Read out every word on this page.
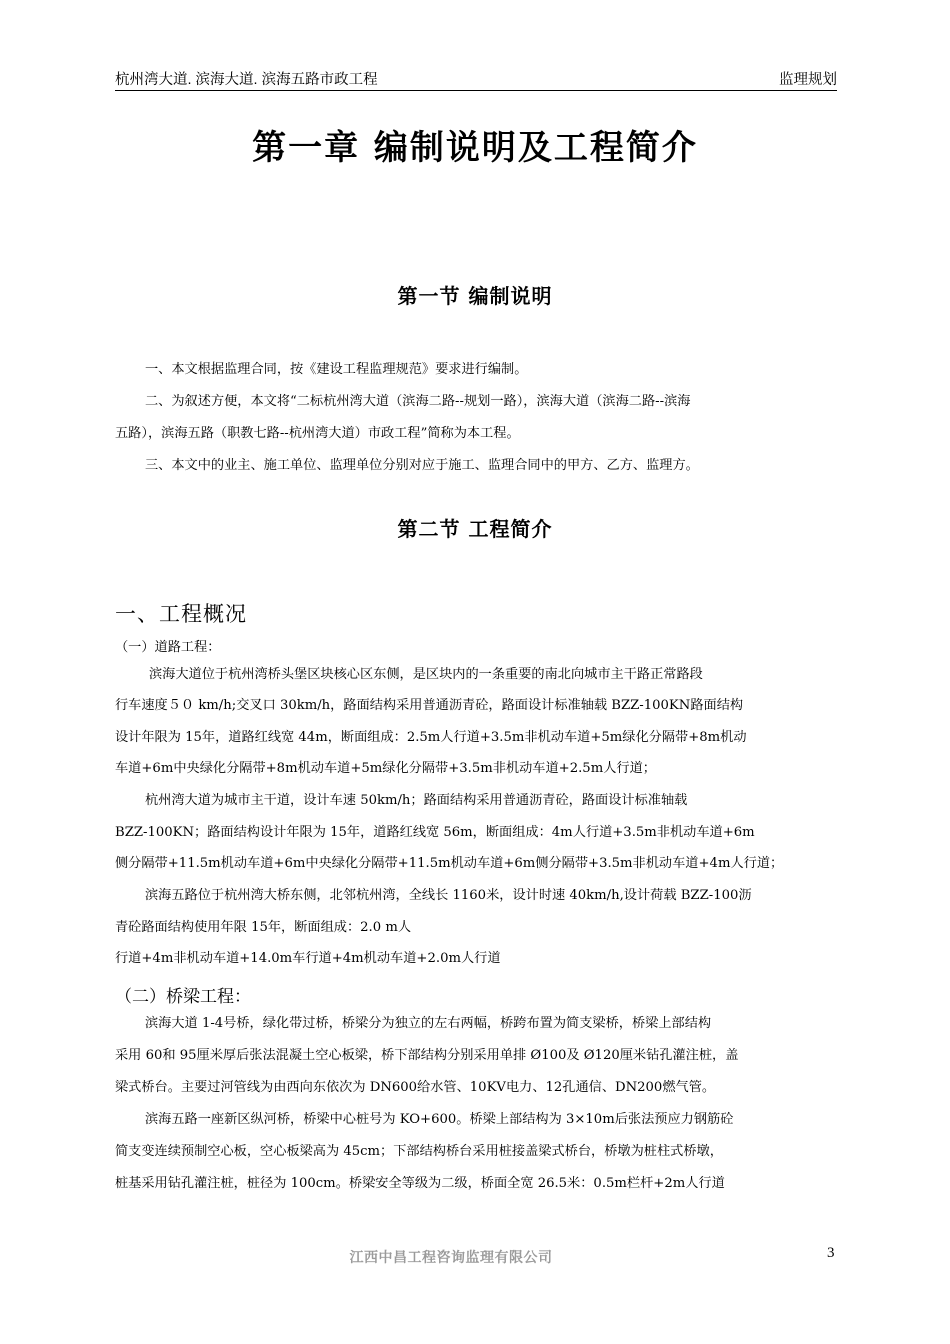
杭州湾大道. 滨海大道. 滨海五路市政工程	监理规划
第一章 编制说明及工程简介
第一节 编制说明
一、本文根据监理合同，按《建设工程监理规范》要求进行编制。
二、为叙述方便，本文将“二标杭州湾大道（滨海二路--规划一路），滨海大道（滨海二路--滨海
五路），滨海五路（职教七路--杭州湾大道）市政工程”简称为本工程。
三、本文中的业主、施工单位、监理单位分别对应于施工、监理合同中的甲方、乙方、监理方。
第二节 工程简介
一、工程概况
（一）道路工程：
滨海大道位于杭州湾桥头堡区块核心区东侧，是区块内的一条重要的南北向城市主干路正常路段
行车速度５０ km/h;交叉口 30km/h，路面结构采用普通沥青砼，路面设计标准轴载 BZZ-100KN路面结构
设计年限为 15年，道路红线宽 44m，断面组成：2.5m人行道+3.5m非机动车道+5m绿化分隔带+8m机动
车道+6m中央绿化分隔带+8m机动车道+5m绿化分隔带+3.5m非机动车道+2.5m人行道；
杭州湾大道为城市主干道，设计车速 50km/h；路面结构采用普通沥青砼，路面设计标准轴载
BZZ-100KN；路面结构设计年限为 15年，道路红线宽 56m，断面组成：4m人行道+3.5m非机动车道+6m
侧分隔带+11.5m机动车道+6m中央绿化分隔带+11.5m机动车道+6m侧分隔带+3.5m非机动车道+4m人行道；
滨海五路位于杭州湾大桥东侧，北邻杭州湾，全线长 1160米，设计时速 40km/h,设计荷载 BZZ-100沥
青砼路面结构使用年限 15年，断面组成：2.0 m人
行道+4m非机动车道+14.0m车行道+4m机动车道+2.0m人行道
（二）桥梁工程：
滨海大道 1-4号桥，绿化带过桥，桥梁分为独立的左右两幅，桥跨布置为简支梁桥，桥梁上部结构
采用 60和 95厘米厚后张法混凝土空心板梁，桥下部结构分别采用单排 Ø100及 Ø120厘米钻孔灌注桩，盖
梁式桥台。主要过河管线为由西向东依次为 DN600给水管、10KV电力、12孔通信、DN200燃气管。
滨海五路一座新区纵河桥，桥梁中心桩号为 KO+600。桥梁上部结构为 3×10m后张法预应力钢筋砼
简支变连续预制空心板，空心板梁高为 45cm；下部结构桥台采用桩接盖梁式桥台，桥墩为桩柱式桥墩，
桩基采用钻孔灌注桩，桩径为 100cm。桥梁安全等级为二级，桥面全宽 26.5米：0.5m栏杆+2m人行道
江西中昌工程咨询监理有限公司	3
